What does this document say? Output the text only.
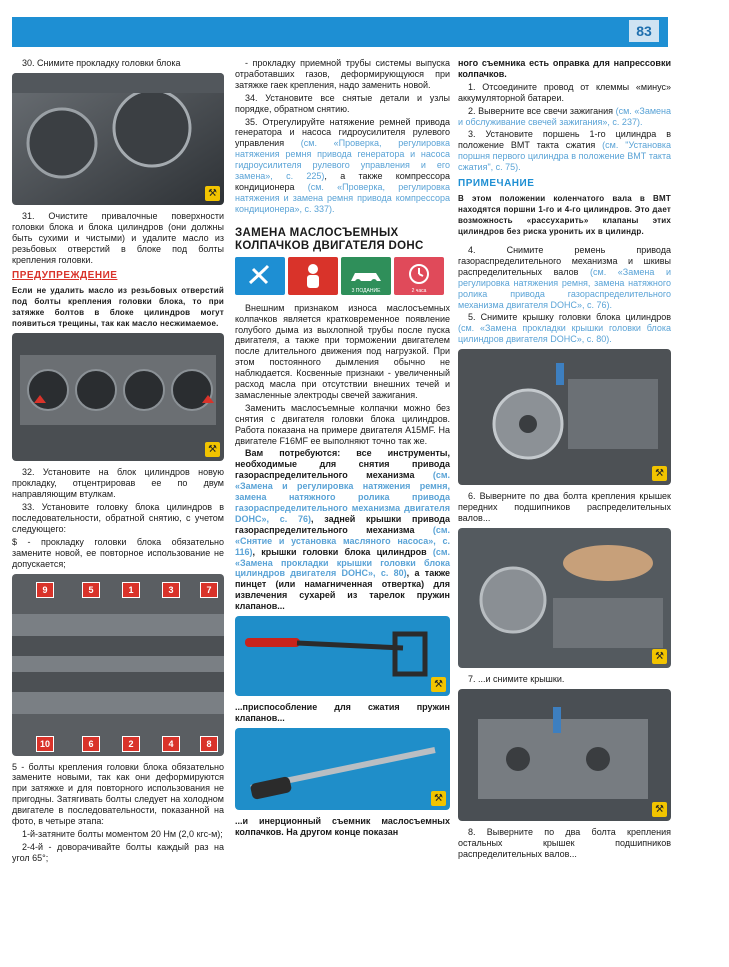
83

30. Снимите прокладку головки блока

⚒

31. Очистите привалочные поверхности головки блока и блока цилиндров (они должны быть сухими и чистыми) и удалите масло из резьбовых отверстий в блоке под болты крепления головки.

ПРЕДУПРЕЖДЕНИЕ

Если не удалить масло из резьбовых отверстий под болты крепления головки блока, то при затяжке болтов в блоке цилиндров могут появиться трещины, так как масло несжимаемое.

⚒

32. Установите на блок цилиндров новую прокладку, отцентрировав ее по двум направляющим втулкам.

33. Установите головку блока цилиндров в последовательности, обратной снятию, с учетом следующего:

$ - прокладку головки блока обязательно замените новой, ее повторное использование не допускается;

9	5	1	3	7
10	6	2	4	8

5 - болты крепления головки блока обязательно замените новыми, так как они деформируются при затяжке и для повторного использования не пригодны. Затягивать болты следует на холодном двигателе в последовательности, показанной на фото, в четыре этапа:

1-й-затяните болты моментом 20 Нм (2,0 кгс-м);

2-4-й - доворачивайте болты каждый раз на угол 65°;

- прокладку приемной трубы системы выпуска отработавших газов, деформирующуюся при затяжке гаек крепления, надо заменить новой.

34. Установите все снятые детали и узлы порядке, обратном снятию.

35. Отрегулируйте натяжение ремней привода генератора и насоса гидроусилителя рулевого управления (см. «Проверка, регулировка натяжения ремня привода генератора и насоса гидроусилителя рулевого управления и его замена», с. 225), а также компрессора кондиционера (см. «Проверка, регулировка натяжения и замена ремня привода компрессора кондиционера», с. 337).

ЗАМЕНА МАСЛОСЪЕМНЫХ КОЛПАЧКОВ ДВИГАТЕЛЯ DOHC
3 ПОДАНИЕ	2 часа

Внешним признаком износа маслосъемных колпачков является кратковременное появление голубого дыма из выхлопной трубы после пуска двигателя, а также при торможении двигателем после длительного движения под нагрузкой. При этом постоянного дымления обычно не наблюдается. Косвенные признаки - увеличенный расход масла при отсутствии внешних течей и замасленные электроды свечей зажигания.

Заменить маслосъемные колпачки можно без снятия с двигателя головки блока цилиндров. Работа показана на примере двигателя A15MF. На двигателе F16MF ее выполняют точно так же.

Вам потребуются: все инструменты, необходимые для снятия привода газораспределительного механизма (см. «Замена и регулировка натяжения ремня, замена натяжного ролика привода газораспределительного механизма двигателя DOHC», с. 76), задней крышки привода газораспределительного механизма (см. «Снятие и установка масляного насоса», с. 116), крышки головки блока цилиндров (см. «Замена прокладки крышки головки блока цилиндров двигателя DOHC», с. 80), а также пинцет (или намагниченная отвертка) для извлечения сухарей из тарелок пружин клапанов...

⚒

...приспособление для сжатия пружин клапанов...

⚒

...и инерционный съемник маслосъемных колпачков. На другом конце показан

ного съемника есть оправка для напрессовки колпачков.

1. Отсоедините провод от клеммы «минус» аккумуляторной батареи.

2. Выверните все свечи зажигания (см. «Замена и обслуживание свечей зажигания», с. 237).

3. Установите поршень 1-го цилиндра в положение ВМТ такта сжатия (см. "Установка поршня первого цилиндра в положение ВМТ такта сжатия", с. 75).

ПРИМЕЧАНИЕ

В этом положении коленчатого вала в ВМТ находятся поршни 1-го и 4-го цилиндров. Это дает возможность «рассухарить» клапаны этих цилиндров без риска уронить их в цилиндр.

4. Снимите ремень привода газораспределительного механизма и шкивы распределительных валов (см. «Замена и регулировка натяжения ремня, замена натяжного ролика привода газораспределительного механизма двигателя DOHC», с. 76).

5. Снимите крышку головки блока цилиндров (см. «Замена прокладки крышки головки блока цилиндров двигателя DOHC», с. 80).

⚒

6. Выверните по два болта крепления крышек передних подшипников распределительных валов...

⚒

7. ...и снимите крышки.

⚒

8. Выверните по два болта крепления остальных крышек подшипников распределительных валов...
